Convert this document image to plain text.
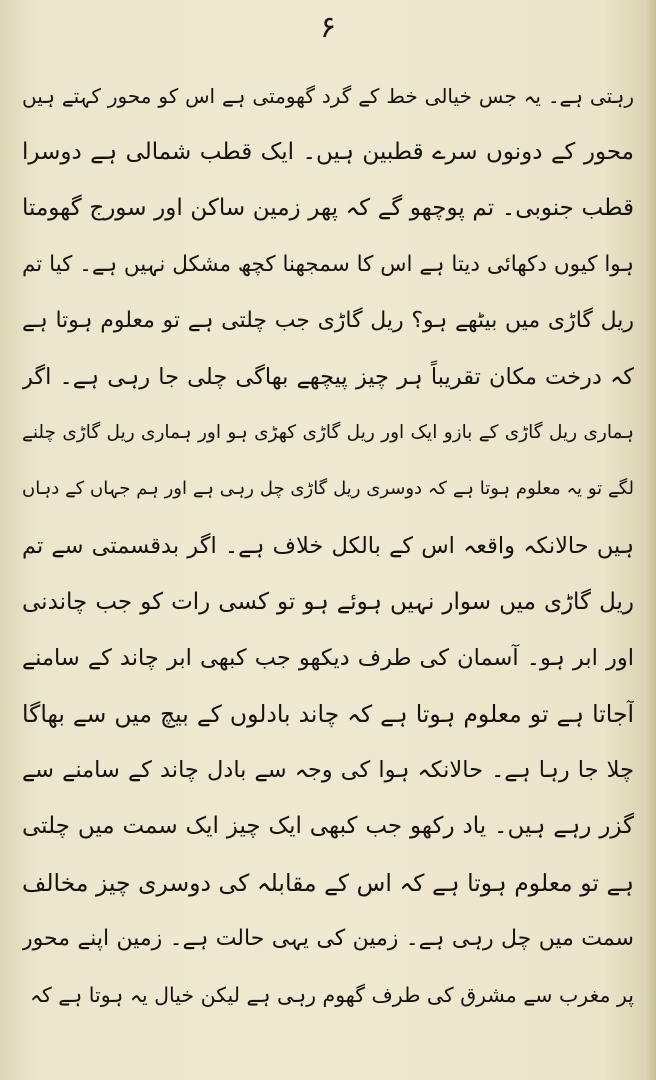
۶
رہتی ہے۔ یہ جس خیالی خط کے گرد گھومتی ہے اس کو محور کہتے ہیں
محور کے دونوں سرے قطبین ہیں۔ ایک قطب شمالی ہے دوسرا
قطب جنوبی۔ تم پوچھو گے کہ پھر زمین ساکن اور سورج گھومتا
ہوا کیوں دکھائی دیتا ہے اس کا سمجھنا کچھ مشکل نہیں ہے۔ کیا تم
ریل گاڑی میں بیٹھے ہو؟ ریل گاڑی جب چلتی ہے تو معلوم ہوتا ہے
کہ درخت مکان تقریباً ہر چیز پیچھے بھاگی چلی جا رہی ہے۔ اگر
ہماری ریل گاڑی کے بازو ایک اور ریل گاڑی کھڑی ہو اور ہماری ریل گاڑی چلنے
لگے تو یہ معلوم ہوتا ہے کہ دوسری ریل گاڑی چل رہی ہے اور ہم جہاں کے دہاں
ہیں حالانکہ واقعہ اس کے بالکل خلاف ہے۔ اگر بدقسمتی سے تم
ریل گاڑی میں سوار نہیں ہوئے ہو تو کسی رات کو جب چاندنی
اور ابر ہو۔ آسمان کی طرف دیکھو جب کبھی ابر چاند کے سامنے
آجاتا ہے تو معلوم ہوتا ہے کہ چاند بادلوں کے بیچ میں سے بھاگا
چلا جا رہا ہے۔ حالانکہ ہوا کی وجہ سے بادل چاند کے سامنے سے
گزر رہے ہیں۔ یاد رکھو جب کبھی ایک چیز ایک سمت میں چلتی
ہے تو معلوم ہوتا ہے کہ اس کے مقابلہ کی دوسری چیز مخالف
سمت میں چل رہی ہے۔ زمین کی یہی حالت ہے۔ زمین اپنے محور
پر مغرب سے مشرق کی طرف گھوم رہی ہے لیکن خیال یہ ہوتا ہے کہ
